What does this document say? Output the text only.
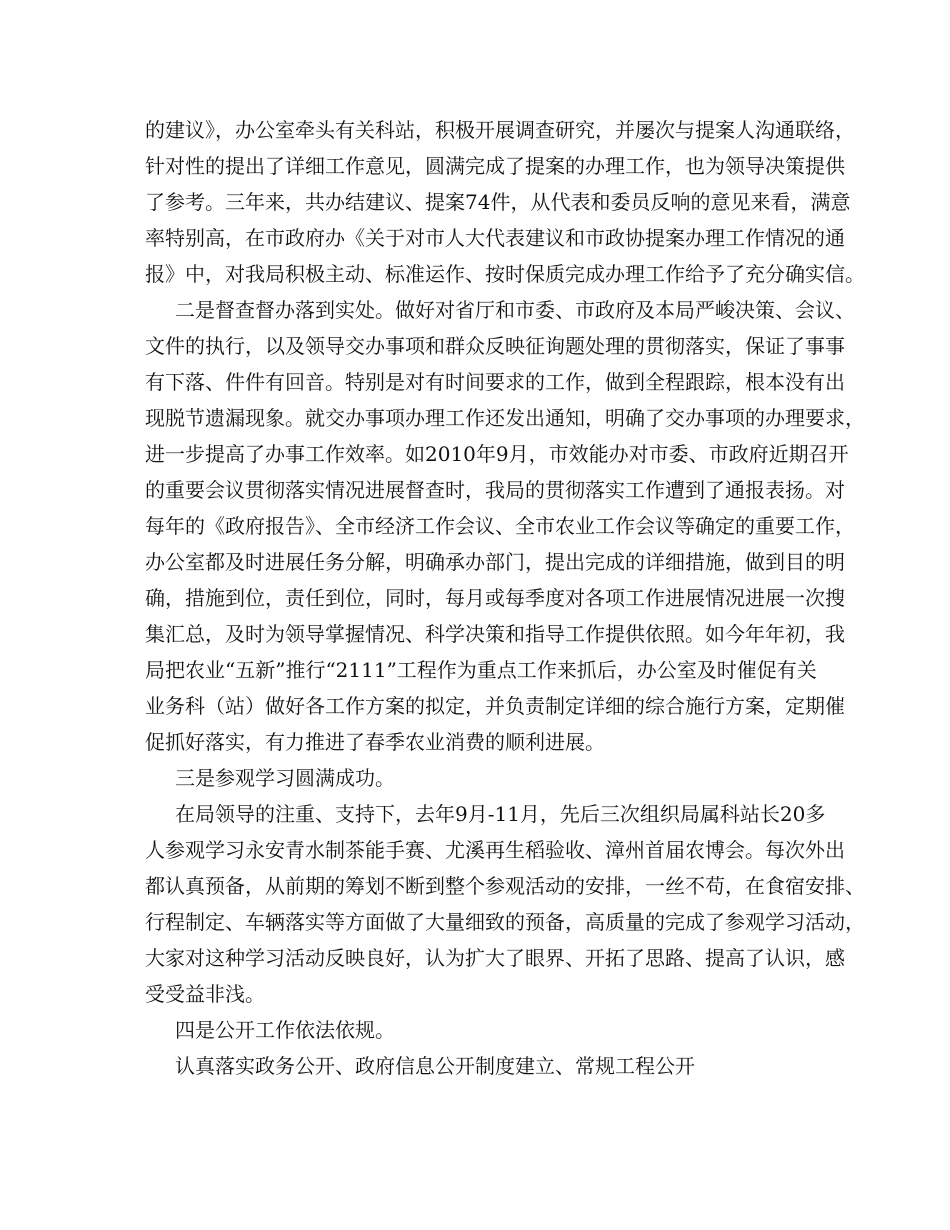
的建议》，办公室牵头有关科站，积极开展调查研究，并屡次与提案人沟通联络，
针对性的提出了详细工作意见，圆满完成了提案的办理工作，也为领导决策提供
了参考。三年来，共办结建议、提案74件，从代表和委员反响的意见来看，满意
率特别高，在市政府办《关于对市人大代表建议和市政协提案办理工作情况的通
报》中，对我局积极主动、标准运作、按时保质完成办理工作给予了充分确实信。
二是督查督办落到实处。做好对省厅和市委、市政府及本局严峻决策、会议、
文件的执行，以及领导交办事项和群众反映征询题处理的贯彻落实，保证了事事
有下落、件件有回音。特别是对有时间要求的工作，做到全程跟踪，根本没有出
现脱节遗漏现象。就交办事项办理工作还发出通知，明确了交办事项的办理要求，
进一步提高了办事工作效率。如2010年9月，市效能办对市委、市政府近期召开
的重要会议贯彻落实情况进展督查时，我局的贯彻落实工作遭到了通报表扬。对
每年的《政府报告》、全市经济工作会议、全市农业工作会议等确定的重要工作，
办公室都及时进展任务分解，明确承办部门，提出完成的详细措施，做到目的明
确，措施到位，责任到位，同时，每月或每季度对各项工作进展情况进展一次搜
集汇总，及时为领导掌握情况、科学决策和指导工作提供依照。如今年年初，我
局把农业“五新”推行“2111”工程作为重点工作来抓后，办公室及时催促有关
业务科（站）做好各工作方案的拟定，并负责制定详细的综合施行方案，定期催
促抓好落实，有力推进了春季农业消费的顺利进展。
三是参观学习圆满成功。
在局领导的注重、支持下，去年9月-11月，先后三次组织局属科站长20多
人参观学习永安青水制茶能手赛、尤溪再生稻验收、漳州首届农博会。每次外出
都认真预备，从前期的筹划不断到整个参观活动的安排，一丝不苟，在食宿安排、
行程制定、车辆落实等方面做了大量细致的预备，高质量的完成了参观学习活动，
大家对这种学习活动反映良好，认为扩大了眼界、开拓了思路、提高了认识，感
受受益非浅。
四是公开工作依法依规。
认真落实政务公开、政府信息公开制度建立、常规工程公开
